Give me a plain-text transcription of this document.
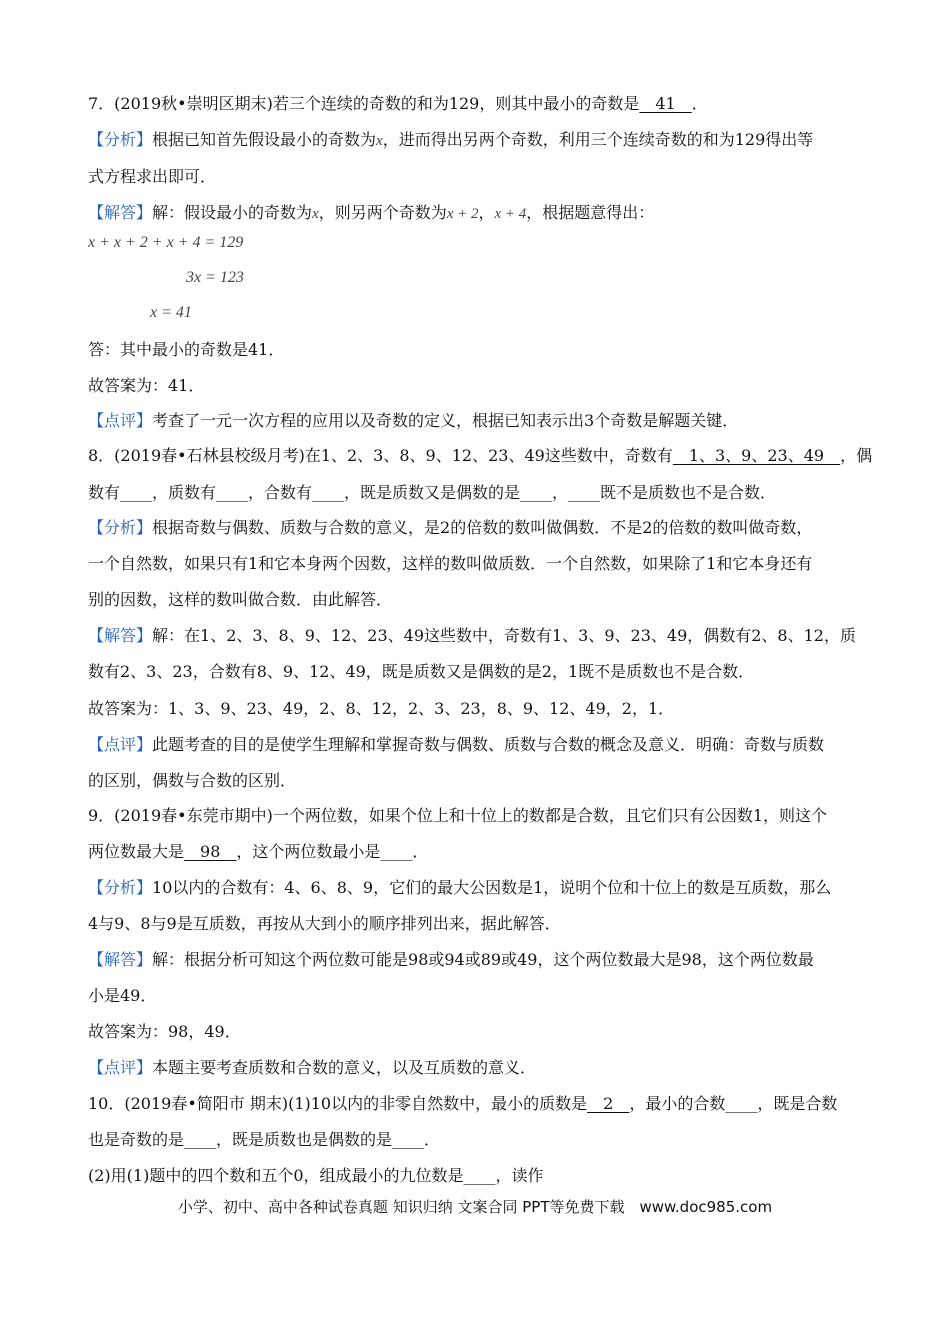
7．(2019秋•崇明区期末)若三个连续的奇数的和为129，则其中最小的奇数是　41　．
【分析】根据已知首先假设最小的奇数为x，进而得出另两个奇数，利用三个连续奇数的和为129得出等
式方程求出即可．
【解答】解：假设最小的奇数为x，则另两个奇数为x + 2，x + 4，根据题意得出：
x + x + 2 + x + 4 = 129
3x = 123
x = 41
答：其中最小的奇数是41．
故答案为：41．
【点评】考查了一元一次方程的应用以及奇数的定义，根据已知表示出3个奇数是解题关键．
8．(2019春•石林县校级月考)在1、2、3、8、9、12、23、49这些数中，奇数有　1、3、9、23、49　，偶
数有____，质数有____，合数有____，既是质数又是偶数的是____，____既不是质数也不是合数．
【分析】根据奇数与偶数、质数与合数的意义，是2的倍数的数叫做偶数．不是2的倍数的数叫做奇数，
一个自然数，如果只有1和它本身两个因数，这样的数叫做质数．一个自然数，如果除了1和它本身还有
别的因数，这样的数叫做合数．由此解答．
【解答】解：在1、2、3、8、9、12、23、49这些数中，奇数有1、3、9、23、49，偶数有2、8、12，质
数有2、3、23，合数有8、9、12、49，既是质数又是偶数的是2，1既不是质数也不是合数．
故答案为：1、3、9、23、49，2、8、12，2、3、23，8、9、12、49，2，1．
【点评】此题考查的目的是使学生理解和掌握奇数与偶数、质数与合数的概念及意义．明确：奇数与质数
的区别，偶数与合数的区别．
9．(2019春•东莞市期中)一个两位数，如果个位上和十位上的数都是合数，且它们只有公因数1，则这个
两位数最大是　98　，这个两位数最小是____．
【分析】10以内的合数有：4、6、8、9，它们的最大公因数是1，说明个位和十位上的数是互质数，那么
4与9、8与9是互质数，再按从大到小的顺序排列出来，据此解答．
【解答】解：根据分析可知这个两位数可能是98或94或89或49，这个两位数最大是98，这个两位数最
小是49．
故答案为：98，49．
【点评】本题主要考查质数和合数的意义，以及互质数的意义．
10．(2019春•简阳市 期末)(1)10以内的非零自然数中，最小的质数是　2　，最小的合数____，既是合数
也是奇数的是____，既是质数也是偶数的是____．
(2)用(1)题中的四个数和五个0，组成最小的九位数是____，读作
小学、初中、高中各种试卷真题 知识归纳 文案合同 PPT等免费下载　www.doc985.com
